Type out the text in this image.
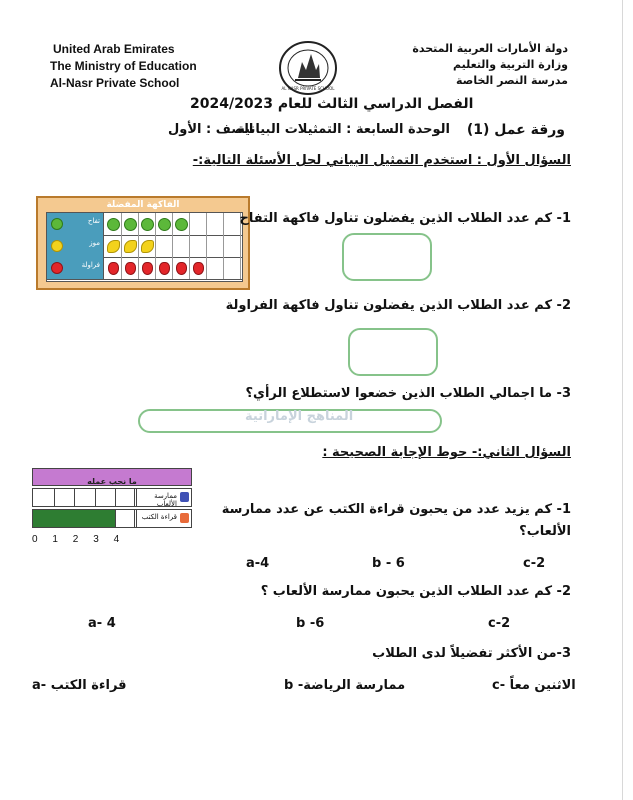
United Arab Emirates
The Ministry of Education
Al-Nasr Private School
دولة الأمارات العربية المتحدة
وزارة التربية والتعليم
مدرسة النصر الخاصة
AL NASR PRIVATE SCHOOL
الفصل الدراسي الثالث للعام 2024/2023
ورقة عمل (1)
الوحدة السابعة : التمثيلات البيانية
الصف : الأول
السؤال الأول : استخدم التمثيل البياني لحل الأسئلة التالية:-
الفاكهة المفضلة
تفاح
موز
فراولة
1- كم عدد الطلاب الذين يفضلون تناول فاكهة التفاح
2- كم عدد الطلاب الذين يفضلون تناول فاكهة الفراولة
3- ما اجمالي الطلاب الذين خضعوا لاستطلاع الرأي؟
المناهج الإماراتية
السؤال الثاني:- حوط الإجابة الصحيحة :
ما نحب عمله
ممارسة الألعاب
قراءة الكتب
0 1 2 3 4
1- كم يزيد عدد من يحبون قراءة الكتب عن عدد ممارسة
الألعاب؟
a-4	b - 6	c-2
2- كم عدد الطلاب الذين يحبون ممارسة الألعاب ؟
a- 4	b -6	c-2
3-من الأكثر تفضيلاً لدى الطلاب
قراءة الكتب -a	ممارسة الرياضة- b	الاثنين معاً -c
